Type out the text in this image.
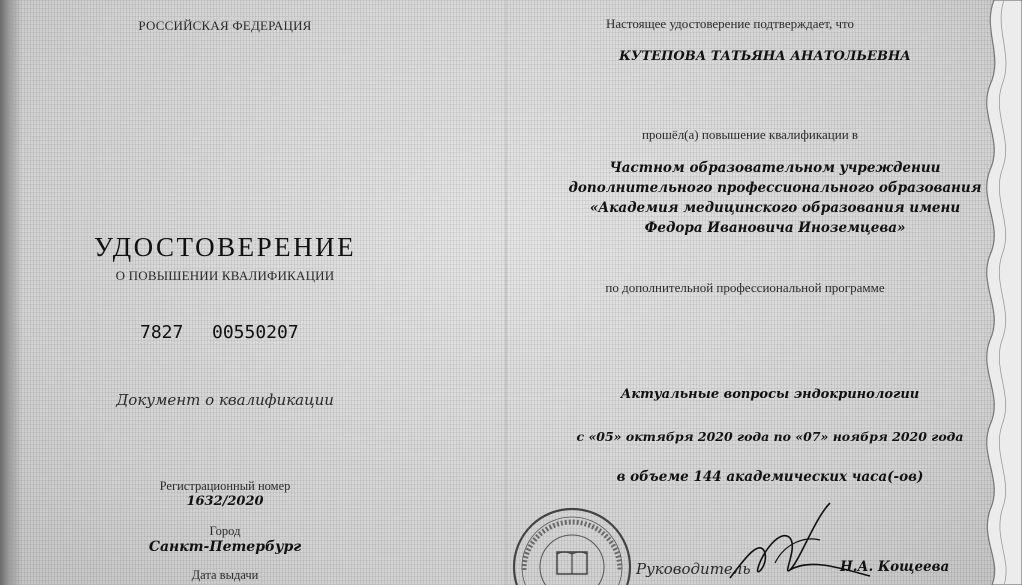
РОССИЙСКАЯ ФЕДЕРАЦИЯ
УДОСТОВЕРЕНИЕ
О ПОВЫШЕНИИ КВАЛИФИКАЦИИ
7827	00550207
Документ о квалификации
Регистрационный номер
1632/2020
Город
Санкт-Петербург
Дата выдачи
Настоящее удостоверение подтверждает, что
КУТЕПОВА ТАТЬЯНА АНАТОЛЬЕВНА
прошёл(а) повышение квалификации в
Частном образовательном учреждении
дополнительного профессионального образования
«Академия медицинского образования имени
Федора Ивановича Иноземцева»
по дополнительной профессиональной программе
Актуальные вопросы эндокринологии
с «05» октября 2020 года по «07» ноября 2020 года
в объеме 144 академических часа(-ов)
Руководитель	Н.А. Кощеева
